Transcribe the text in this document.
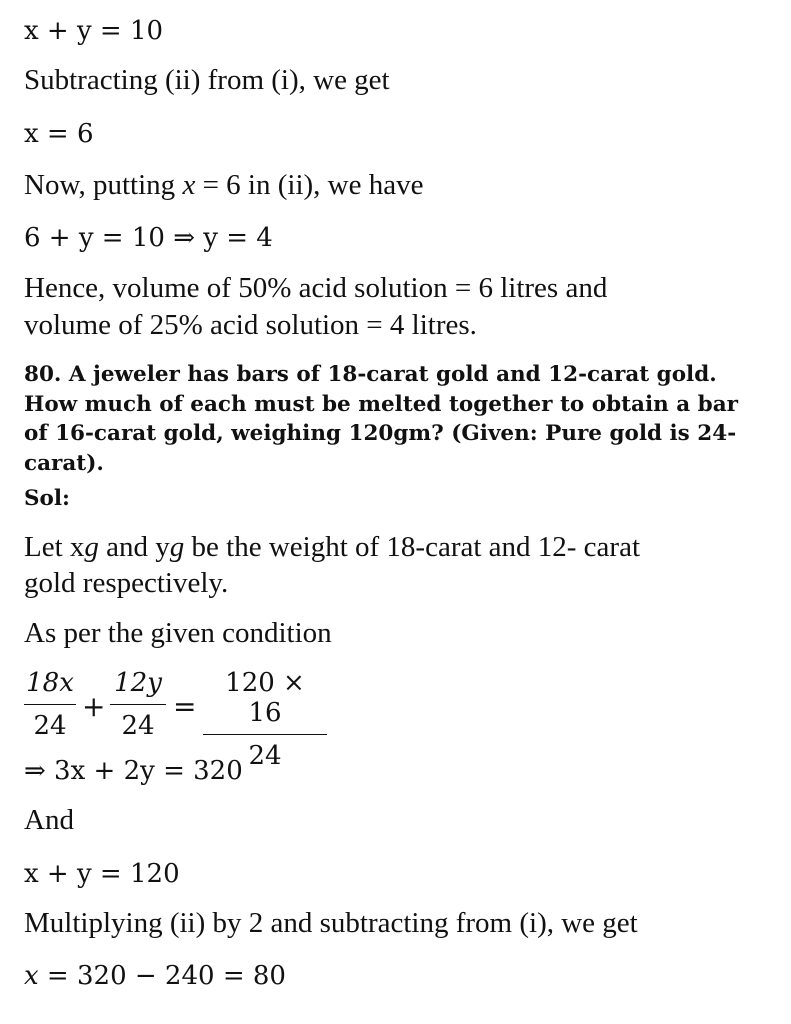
x + y = 10
Subtracting (ii) from (i), we get
x = 6
Now, putting x = 6 in (ii), we have
6 + y = 10 ⇒ y = 4
Hence, volume of 50% acid solution = 6 litres and
volume of 25% acid solution = 4 litres.
80. A jeweler has bars of 18-carat gold and 12-carat gold. How much of each must be melted together to obtain a bar of 16-carat gold, weighing 120gm? (Given: Pure gold is 24-carat).
Sol:
Let xg and yg be the weight of 18-carat and 12- carat
gold respectively.
As per the given condition
$\frac{18x}{24} + \frac{12y}{24} = \frac{120 \times 16}{24}$
⇒ 3x + 2y = 320
And
x + y = 120
Multiplying (ii) by 2 and subtracting from (i), we get
x = 320 − 240 = 80
